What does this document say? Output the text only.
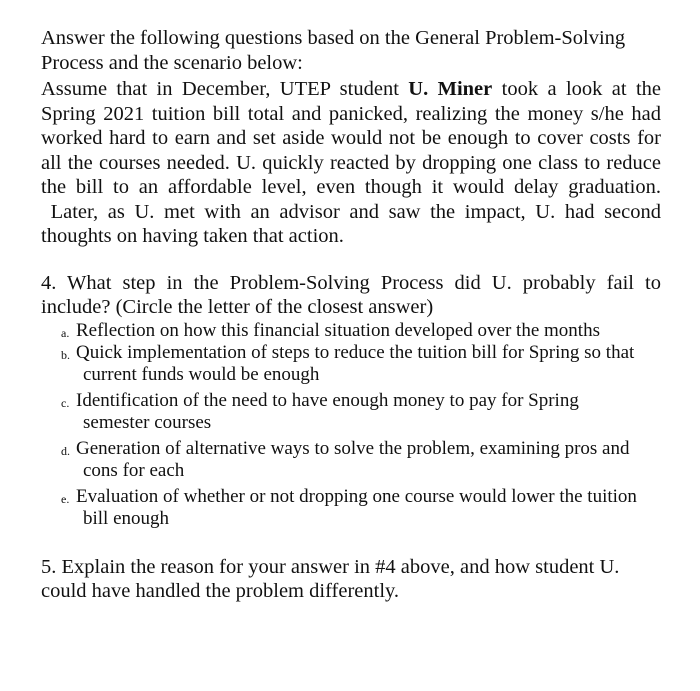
Answer the following questions based on the General Problem-Solving
Process and the scenario below:
Assume that in December, UTEP student U. Miner took a look at the
Spring 2021 tuition bill total and panicked, realizing the money s/he had
worked hard to earn and set aside would not be enough to cover costs for
all the courses needed. U. quickly reacted by dropping one class to reduce
the bill to an affordable level, even though it would delay graduation.
Later, as U. met with an advisor and saw the impact, U. had second
thoughts on having taken that action.
4. What step in the Problem-Solving Process did U. probably fail to
include? (Circle the letter of the closest answer)
a. Reflection on how this financial situation developed over the months
b. Quick implementation of steps to reduce the tuition bill for Spring so that
current funds would be enough
c. Identification of the need to have enough money to pay for Spring
semester courses
d. Generation of alternative ways to solve the problem, examining pros and
cons for each
e. Evaluation of whether or not dropping one course would lower the tuition
bill enough
5. Explain the reason for your answer in #4 above, and how student U.
could have handled the problem differently.
